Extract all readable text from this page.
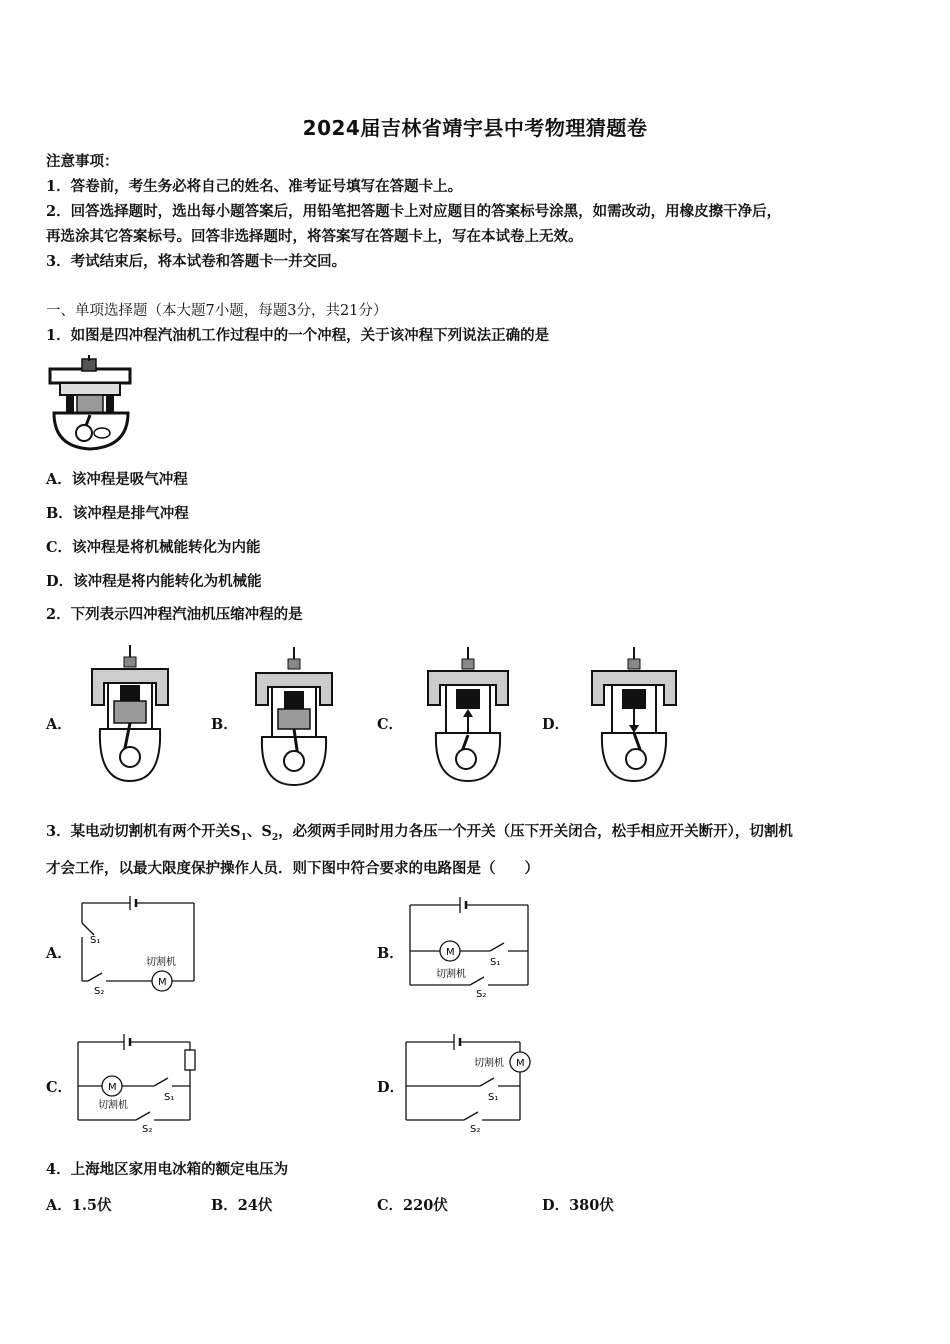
2024届吉林省靖宇县中考物理猜题卷
注意事项：
1．答卷前，考生务必将自己的姓名、准考证号填写在答题卡上。
2．回答选择题时，选出每小题答案后，用铅笔把答题卡上对应题目的答案标号涂黑，如需改动，用橡皮擦干净后，
再选涂其它答案标号。回答非选择题时，将答案写在答题卡上，写在本试卷上无效。
3．考试结束后，将本试卷和答题卡一并交回。
一、单项选择题（本大题7小题，每题3分，共21分）
1．如图是四冲程汽油机工作过程中的一个冲程，关于该冲程下列说法正确的是
A．该冲程是吸气冲程
B．该冲程是排气冲程
C．该冲程是将机械能转化为内能
D．该冲程是将内能转化为机械能
2．下列表示四冲程汽油机压缩冲程的是
A．	B．	C．	D．
3．某电动切割机有两个开关$S_1$、$S_2$，必须两手同时用力各压一个开关（压下开关闭合，松手相应开关断开），切割机
才会工作，以最大限度保护操作人员．则下图中符合要求的电路图是（　　）
A．	B．
C．	D．
S₁
S₂
M
切割机
M
S₁
切割机
S₂
M
S₁
切割机
S₂
M
切割机
S₁
S₂
4．上海地区家用电冰箱的额定电压为
A．1.5伏	B．24伏	C．220伏	D．380伏
